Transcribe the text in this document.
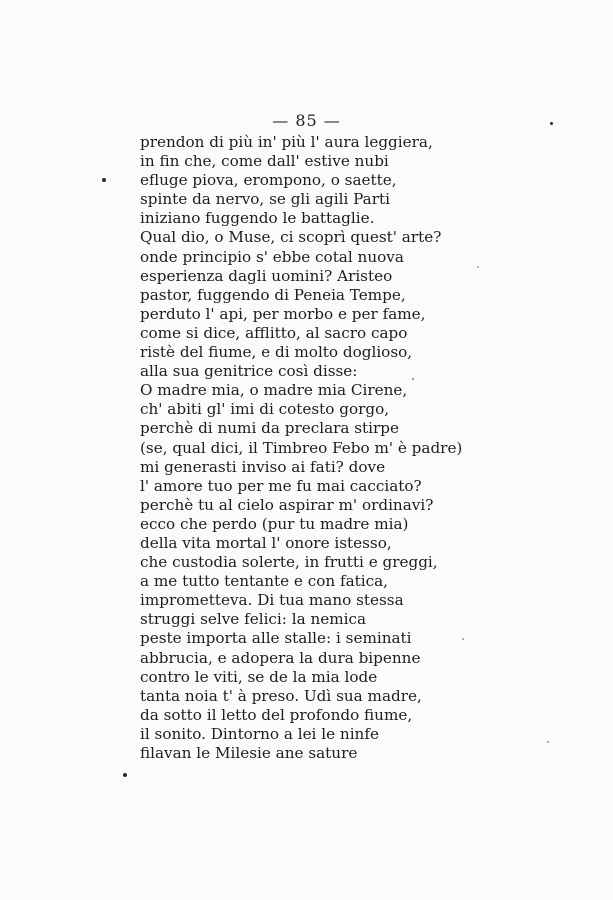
— 85 —
prendon di più in' più l' aura leggiera,
in fin che, come dall' estive nubi
efluge piova, erompono, o saette,
spinte da nervo, se gli agili Parti
iniziano fuggendo le battaglie.
Qual dio, o Muse, ci scoprì quest' arte?
onde principio s' ebbe cotal nuova
esperienza dagli uomini? Aristeo
pastor, fuggendo di Peneia Tempe,
perduto l' api, per morbo e per fame,
come si dice, afflitto, al sacro capo
ristè del fiume, e di molto doglioso,
alla sua genitrice così disse:
O madre mia, o madre mia Cirene,
ch' abiti gl' imi di cotesto gorgo,
perchè di numi da preclara stirpe
(se, qual dici, il Timbreo Febo m' è padre)
mi generasti inviso ai fati? dove
l' amore tuo per me fu mai cacciato?
perchè tu al cielo aspirar m' ordinavi?
ecco che perdo (pur tu madre mia)
della vita mortal l' onore istesso,
che custodia solerte, in frutti e greggi,
a me tutto tentante e con fatica,
imprometteva. Di tua mano stessa
struggi selve felici: la nemica
peste importa alle stalle: i seminati
abbrucia, e adopera la dura bipenne
contro le viti, se de la mia lode
tanta noia t' à preso. Udì sua madre,
da sotto il letto del profondo fiume,
il sonito. Dintorno a lei le ninfe
filavan le Milesie ane sature
